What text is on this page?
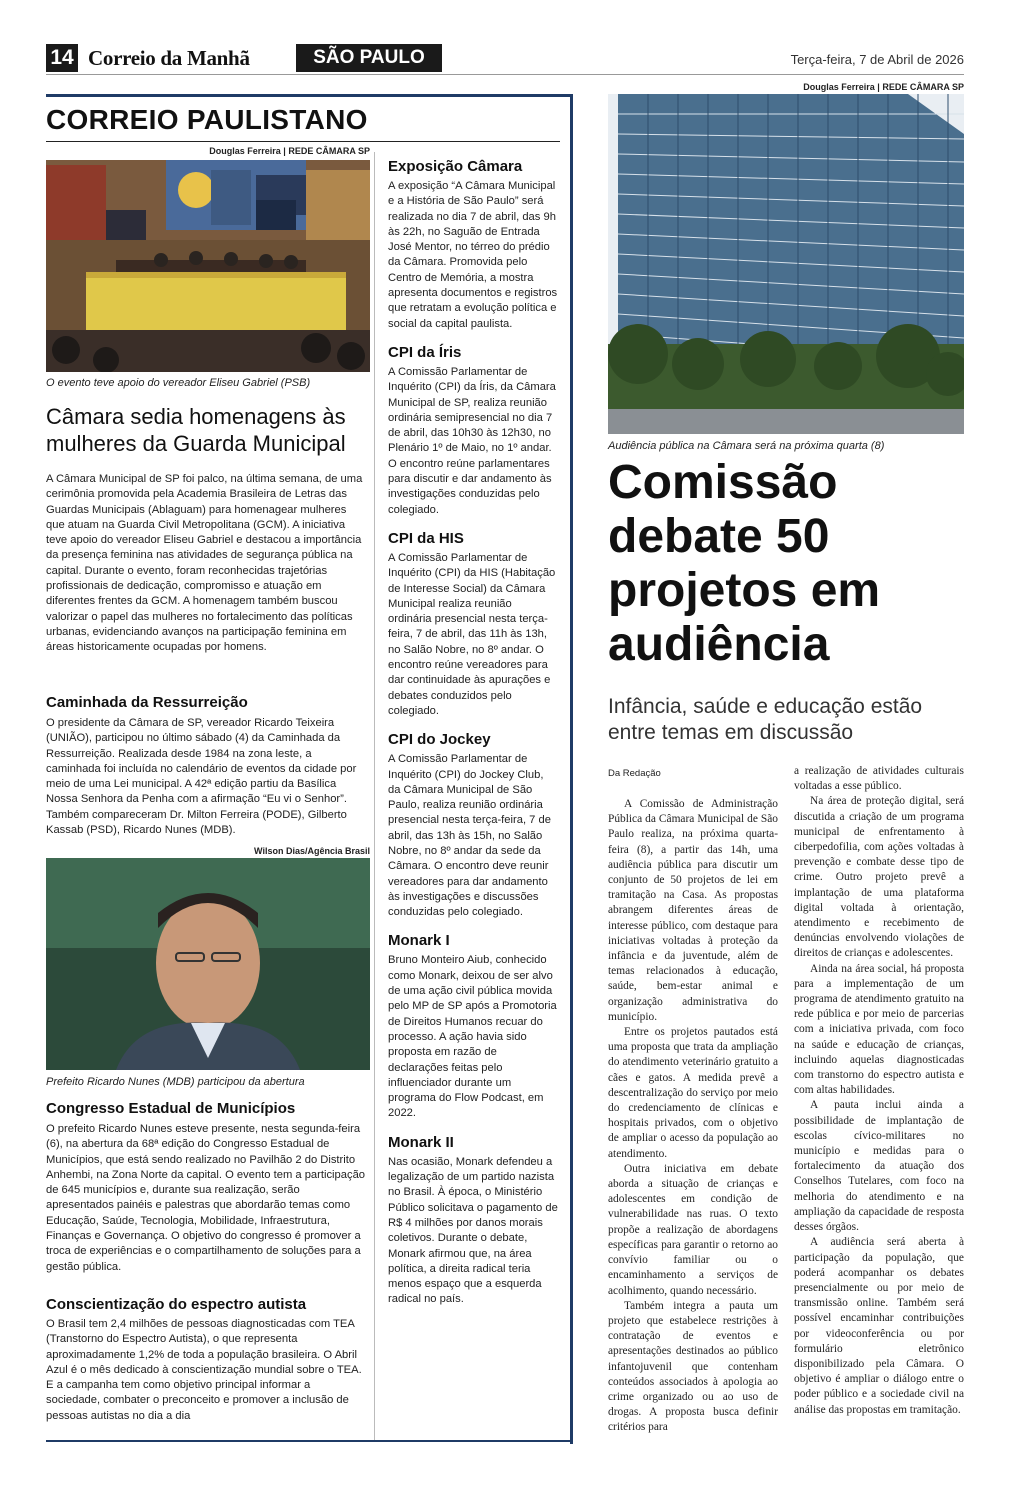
14 Correio da Manhã	SÃO PAULO	Terça-feira, 7 de Abril de 2026
CORREIO PAULISTANO
Douglas Ferreira | REDE CÂMARA SP
O evento teve apoio do vereador Eliseu Gabriel (PSB)
Câmara sedia homenagens às mulheres da Guarda Municipal
A Câmara Municipal de SP foi palco, na última semana, de uma cerimônia promovida pela Academia Brasileira de Letras das Guardas Municipais (Ablaguam) para homenagear mulheres que atuam na Guarda Civil Metropolitana (GCM). A iniciativa teve apoio do vereador Eliseu Gabriel e destacou a importância da presença feminina nas atividades de segurança pública na capital. Durante o evento, foram reconhecidas trajetórias profissionais de dedicação, compromisso e atuação em diferentes frentes da GCM. A homenagem também buscou valorizar o papel das mulheres no fortalecimento das políticas urbanas, evidenciando avanços na participação feminina em áreas historicamente ocupadas por homens.
Caminhada da Ressurreição
O presidente da Câmara de SP, vereador Ricardo Teixeira (UNIÃO), participou no último sábado (4) da Caminhada da Ressurreição. Realizada desde 1984 na zona leste, a caminhada foi incluída no calendário de eventos da cidade por meio de uma Lei municipal. A 42ª edição partiu da Basílica Nossa Senhora da Penha com a afirmação “Eu vi o Senhor”. Também compareceram Dr. Milton Ferreira (PODE), Gilberto Kassab (PSD), Ricardo Nunes (MDB).
Wilson Dias/Agência Brasil
Prefeito Ricardo Nunes (MDB) participou da abertura
Congresso Estadual de Municípios
O prefeito Ricardo Nunes esteve presente, nesta segunda-feira (6), na abertura da 68ª edição do Congresso Estadual de Municípios, que está sendo realizado no Pavilhão 2 do Distrito Anhembi, na Zona Norte da capital. O evento tem a participação de 645 municípios e, durante sua realização, serão apresentados painéis e palestras que abordarão temas como Educação, Saúde, Tecnologia, Mobilidade, Infraestrutura, Finanças e Governança. O objetivo do congresso é promover a troca de experiências e o compartilhamento de soluções para a gestão pública.
Conscientização do espectro autista
O Brasil tem 2,4 milhões de pessoas diagnosticadas com TEA (Transtorno do Espectro Autista), o que representa aproximadamente 1,2% de toda a população brasileira. O Abril Azul é o mês dedicado à conscientização mundial sobre o TEA. E a campanha tem como objetivo principal informar a sociedade, combater o preconceito e promover a inclusão de pessoas autistas no dia a dia
Exposição Câmara
A exposição “A Câmara Municipal e a História de São Paulo” será realizada no dia 7 de abril, das 9h às 22h, no Saguão de Entrada José Mentor, no térreo do prédio da Câmara. Promovida pelo Centro de Memória, a mostra apresenta documentos e registros que retratam a evolução política e social da capital paulista.
CPI da Íris
A Comissão Parlamentar de Inquérito (CPI) da Íris, da Câmara Municipal de SP, realiza reunião ordinária semipresencial no dia 7 de abril, das 10h30 às 12h30, no Plenário 1º de Maio, no 1º andar. O encontro reúne parlamentares para discutir e dar andamento às investigações conduzidas pelo colegiado.
CPI da HIS
A Comissão Parlamentar de Inquérito (CPI) da HIS (Habitação de Interesse Social) da Câmara Municipal realiza reunião ordinária presencial nesta terça-feira, 7 de abril, das 11h às 13h, no Salão Nobre, no 8º andar. O encontro reúne vereadores para dar continuidade às apurações e debates conduzidos pelo colegiado.
CPI do Jockey
A Comissão Parlamentar de Inquérito (CPI) do Jockey Club, da Câmara Municipal de São Paulo, realiza reunião ordinária presencial nesta terça-feira, 7 de abril, das 13h às 15h, no Salão Nobre, no 8º andar da sede da Câmara. O encontro deve reunir vereadores para dar andamento às investigações e discussões conduzidas pelo colegiado.
Monark I
Bruno Monteiro Aiub, conhecido como Monark, deixou de ser alvo de uma ação civil pública movida pelo MP de SP após a Promotoria de Direitos Humanos recuar do processo. A ação havia sido proposta em razão de declarações feitas pelo influenciador durante um programa do Flow Podcast, em 2022.
Monark II
Nas ocasião, Monark defendeu a legalização de um partido nazista no Brasil. À época, o Ministério Público solicitava o pagamento de R$ 4 milhões por danos morais coletivos. Durante o debate, Monark afirmou que, na área política, a direita radical teria menos espaço que a esquerda radical no país.
Douglas Ferreira | REDE CÂMARA SP
Audiência pública na Câmara será na próxima quarta (8)
Comissão debate 50 projetos em audiência
Infância, saúde e educação estão entre temas em discussão
Da Redação

A Comissão de Administração Pública da Câmara Municipal de São Paulo realiza, na próxima quarta-feira (8), a partir das 14h, uma audiência pública para discutir um conjunto de 50 projetos de lei em tramitação na Casa. As propostas abrangem diferentes áreas de interesse público, com destaque para iniciativas voltadas à proteção da infância e da juventude, além de temas relacionados à educação, saúde, bem-estar animal e organização administrativa do município.

Entre os projetos pautados está uma proposta que trata da ampliação do atendimento veterinário gratuito a cães e gatos. A medida prevê a descentralização do serviço por meio do credenciamento de clínicas e hospitais privados, com o objetivo de ampliar o acesso da população ao atendimento.

Outra iniciativa em debate aborda a situação de crianças e adolescentes em condição de vulnerabilidade nas ruas. O texto propõe a realização de abordagens específicas para garantir o retorno ao convívio familiar ou o encaminhamento a serviços de acolhimento, quando necessário.

Também integra a pauta um projeto que estabelece restrições à contratação de eventos e apresentações destinados ao público infantojuvenil que contenham conteúdos associados à apologia ao crime organizado ou ao uso de drogas. A proposta busca definir critérios para

a realização de atividades culturais voltadas a esse público.

Na área de proteção digital, será discutida a criação de um programa municipal de enfrentamento à ciberpedofilia, com ações voltadas à prevenção e combate desse tipo de crime. Outro projeto prevê a implantação de uma plataforma digital voltada à orientação, atendimento e recebimento de denúncias envolvendo violações de direitos de crianças e adolescentes.

Ainda na área social, há proposta para a implementação de um programa de atendimento gratuito na rede pública e por meio de parcerias com a iniciativa privada, com foco na saúde e educação de crianças, incluindo aquelas diagnosticadas com transtorno do espectro autista e com altas habilidades.

A pauta inclui ainda a possibilidade de implantação de escolas cívico-militares no município e medidas para o fortalecimento da atuação dos Conselhos Tutelares, com foco na melhoria do atendimento e na ampliação da capacidade de resposta desses órgãos.

A audiência será aberta à participação da população, que poderá acompanhar os debates presencialmente ou por meio de transmissão online. Também será possível encaminhar contribuições por videoconferência ou por formulário eletrônico disponibilizado pela Câmara. O objetivo é ampliar o diálogo entre o poder público e a sociedade civil na análise das propostas em tramitação.
